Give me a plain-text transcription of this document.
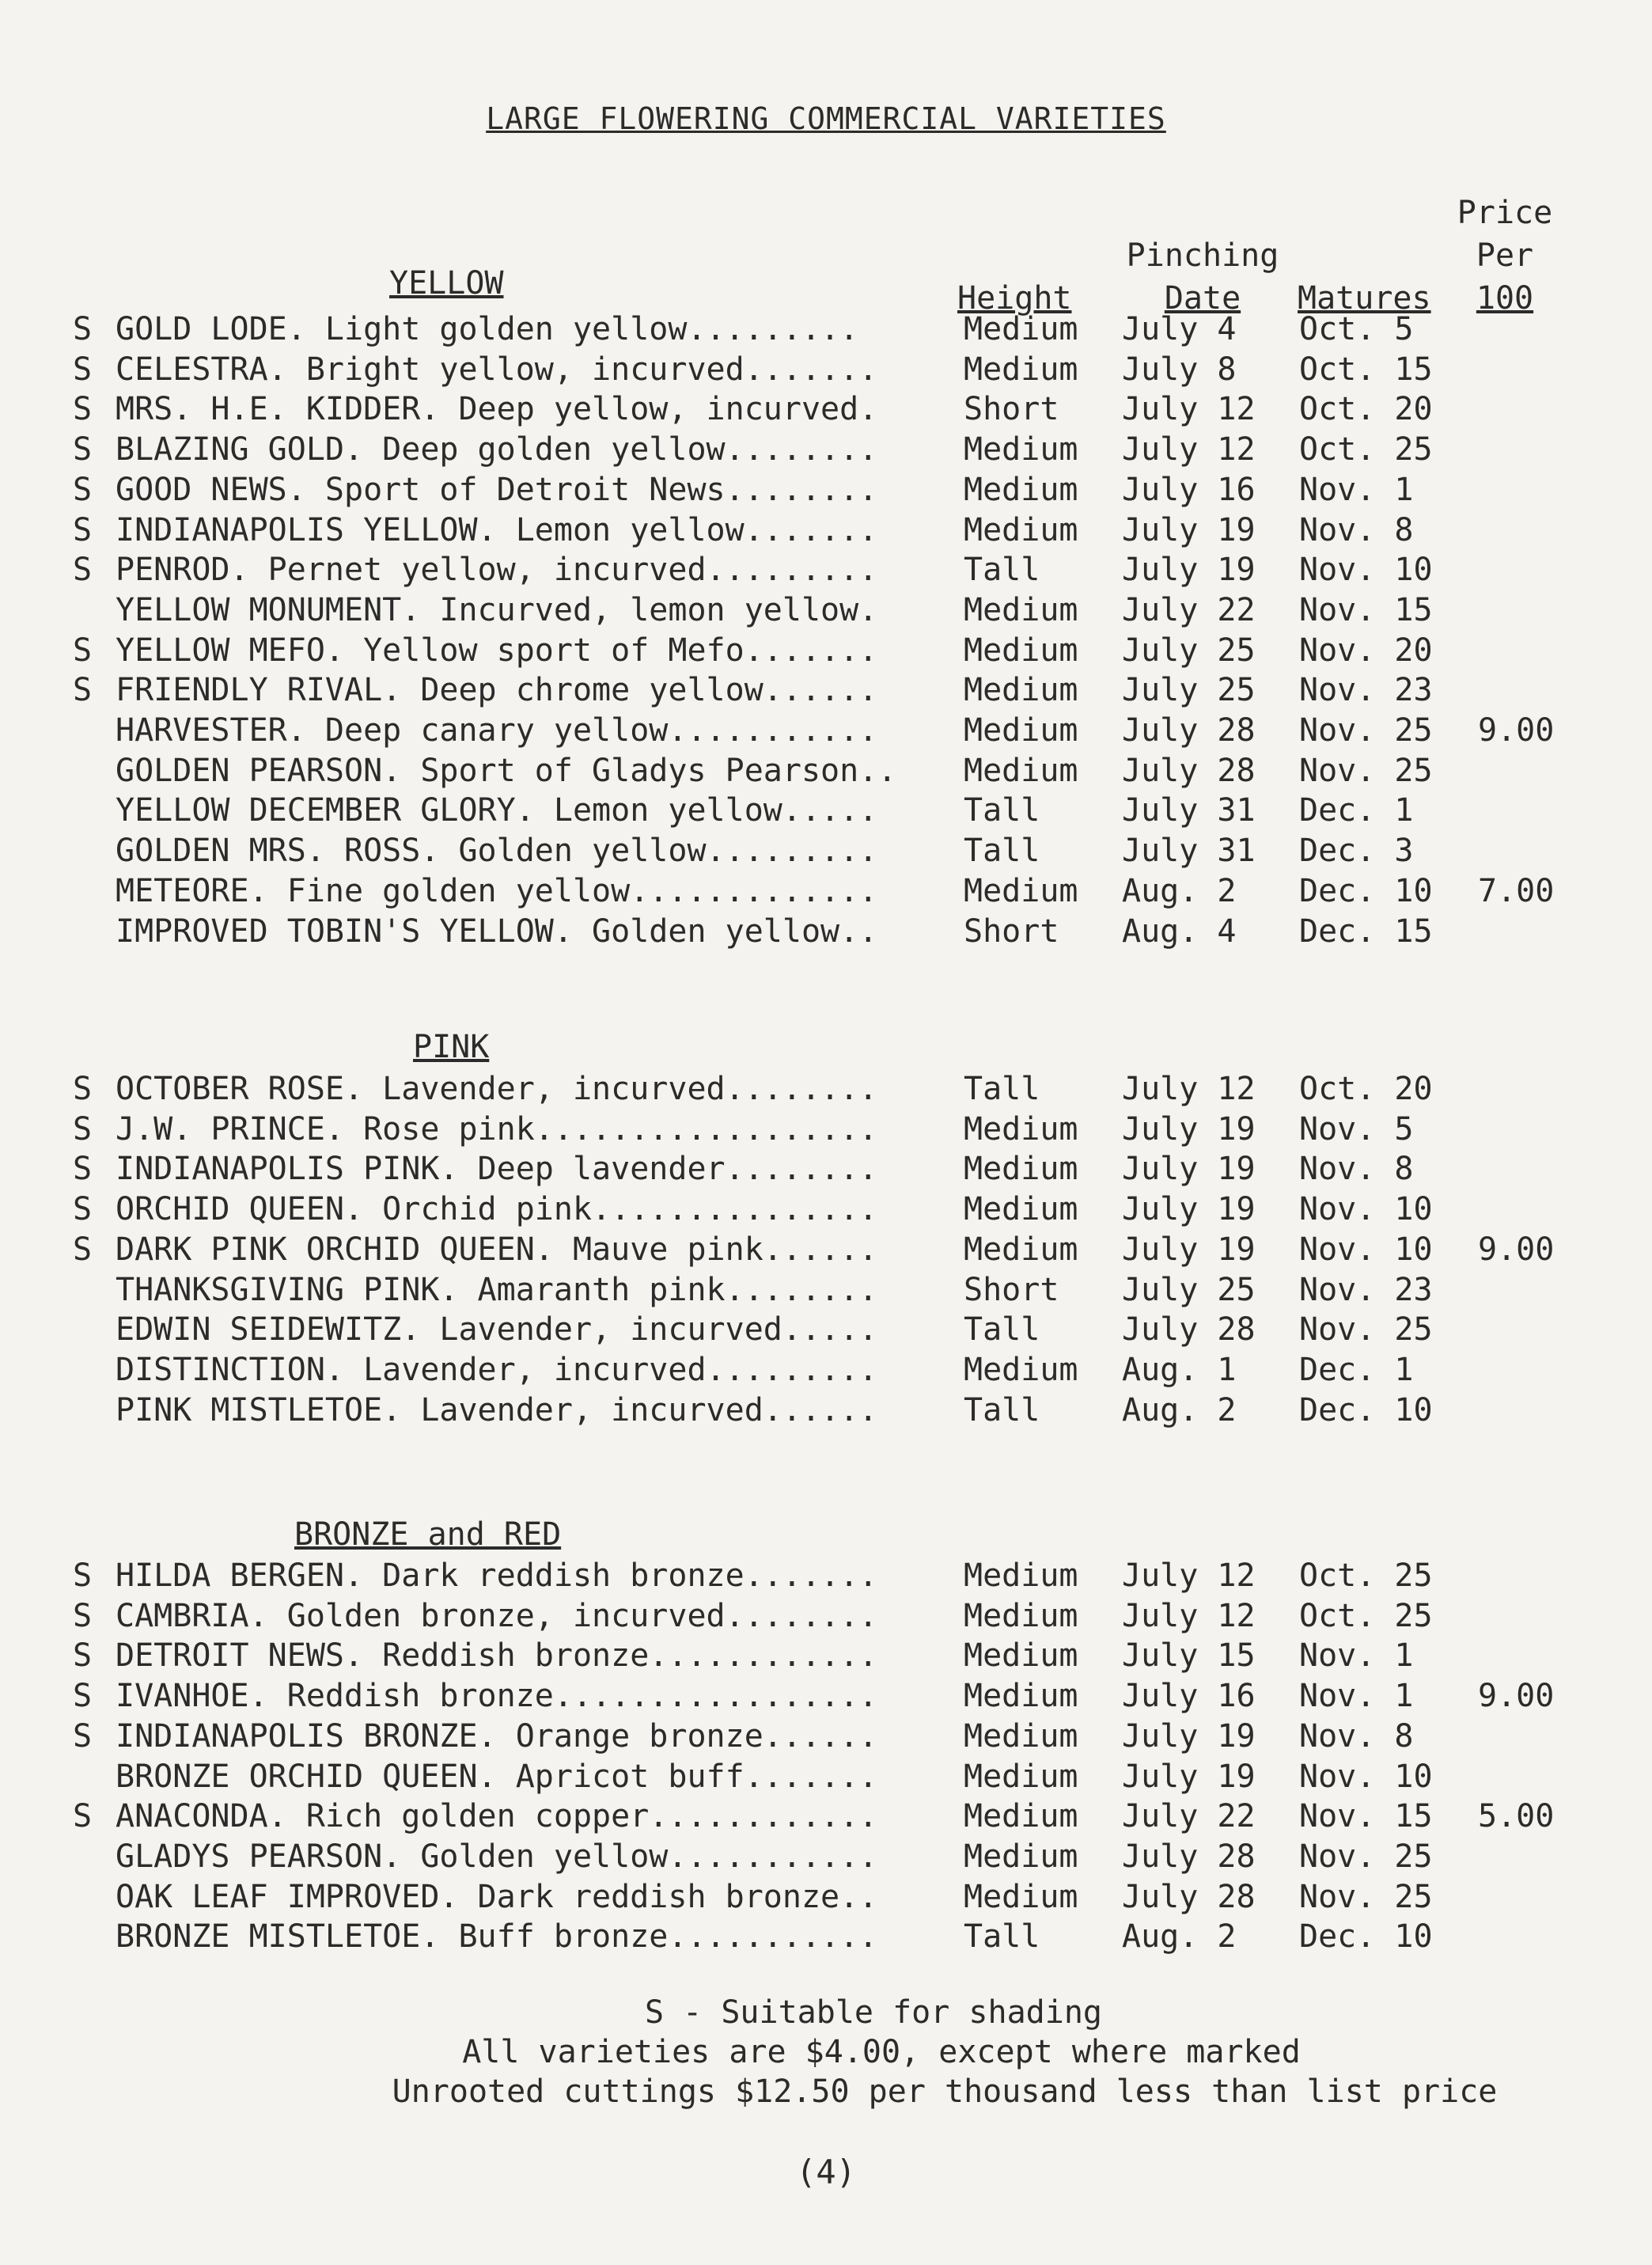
LARGE FLOWERING COMMERCIAL VARIETIES
Height
Pinching
Date	Matures
Price
Per
100
YELLOW
S GOLD LODE. Light golden yellow.........	Medium July 4 Oct. 5
S CELESTRA. Bright yellow, incurved.......	Medium July 8 Oct. 15
S MRS. H.E. KIDDER. Deep yellow, incurved.	Short July 12 Oct. 20
S BLAZING GOLD. Deep golden yellow........	Medium July 12 Oct. 25
S GOOD NEWS. Sport of Detroit News........	Medium July 16 Nov. 1
S INDIANAPOLIS YELLOW. Lemon yellow.......	Medium July 19 Nov. 8
S PENROD. Pernet yellow, incurved.........	Tall	July 19 Nov. 10
YELLOW MONUMENT. Incurved, lemon yellow.	Medium July 22 Nov. 15
S YELLOW MEFO. Yellow sport of Mefo.......	Medium July 25 Nov. 20
S FRIENDLY RIVAL. Deep chrome yellow......	Medium July 25 Nov. 23
HARVESTER. Deep canary yellow...........	Medium July 28 Nov. 25 9.00
GOLDEN PEARSON. Sport of Gladys Pearson..	Medium July 28 Nov. 25
YELLOW DECEMBER GLORY. Lemon yellow.....	Tall	July 31 Dec. 1
GOLDEN MRS. ROSS. Golden yellow.........	Tall	July 31 Dec. 3
METEORE. Fine golden yellow.............	Medium Aug. 2 Dec. 10 7.00
IMPROVED TOBIN'S YELLOW. Golden yellow..	Short Aug. 4 Dec. 15
PINK
S OCTOBER ROSE. Lavender, incurved........	Tall	July 12 Oct. 20
S J.W. PRINCE. Rose pink..................	Medium July 19 Nov. 5
S INDIANAPOLIS PINK. Deep lavender........	Medium July 19 Nov. 8
S ORCHID QUEEN. Orchid pink...............	Medium July 19 Nov. 10
S DARK PINK ORCHID QUEEN. Mauve pink......	Medium July 19 Nov. 10 9.00
THANKSGIVING PINK. Amaranth pink........	Short July 25 Nov. 23
EDWIN SEIDEWITZ. Lavender, incurved.....	Tall	July 28 Nov. 25
DISTINCTION. Lavender, incurved.........	Medium Aug. 1 Dec. 1
PINK MISTLETOE. Lavender, incurved......	Tall	Aug. 2 Dec. 10
BRONZE and RED
S HILDA BERGEN. Dark reddish bronze.......	Medium July 12 Oct. 25
S CAMBRIA. Golden bronze, incurved........	Medium July 12 Oct. 25
S DETROIT NEWS. Reddish bronze............	Medium July 15 Nov. 1
S IVANHOE. Reddish bronze.................	Medium July 16 Nov. 1 9.00
S INDIANAPOLIS BRONZE. Orange bronze......	Medium July 19 Nov. 8
BRONZE ORCHID QUEEN. Apricot buff.......	Medium July 19 Nov. 10
S ANACONDA. Rich golden copper............	Medium July 22 Nov. 15 5.00
GLADYS PEARSON. Golden yellow...........	Medium July 28 Nov. 25
OAK LEAF IMPROVED. Dark reddish bronze..	Medium July 28 Nov. 25
BRONZE MISTLETOE. Buff bronze...........	Tall	Aug. 2 Dec. 10
S - Suitable for shading
All varieties are $4.00, except where marked
Unrooted cuttings $12.50 per thousand less than list price
(4)
